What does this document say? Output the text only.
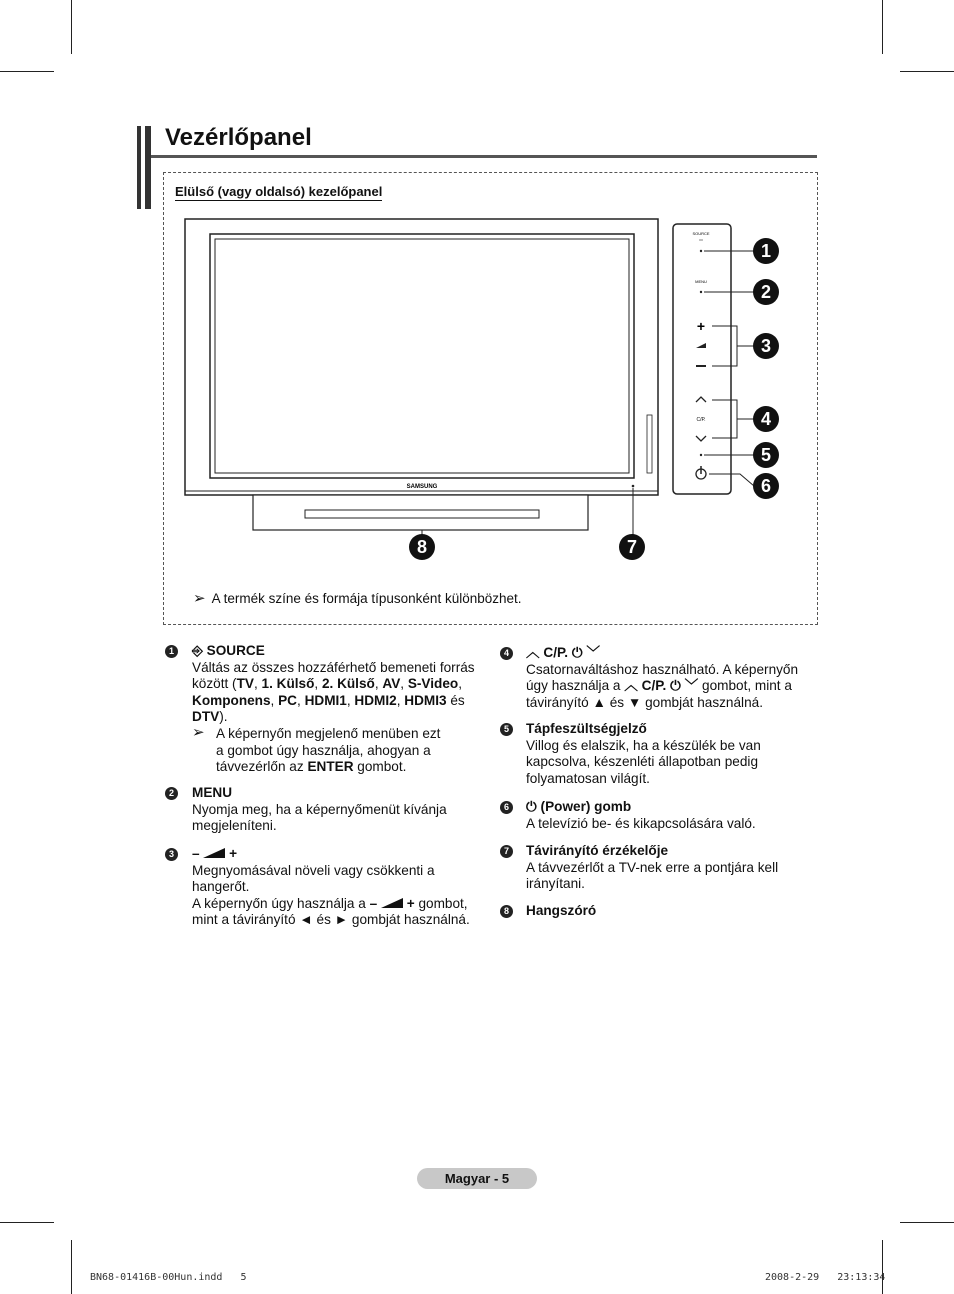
Vezérlőpanel
Elülső (vagy oldalsó) kezelőpanel
SAMSUNG
SOURCE
▭
MENU
+
C/P.
1
2
3
4
5
6
7
8
➢ A termék színe és formája típusonként különbözhet.
1 ⎆ SOURCE
Váltás az összes hozzáférhető bemeneti forrás
között (TV, 1. Külső, 2. Külső, AV, S-Video,
Komponens, PC, HDMI1, HDMI2, HDMI3 és
DTV).
➢ A képernyőn megjelenő menüben ezt
a gombot úgy használja, ahogyan a
távvezérlőn az ENTER gombot.
2 MENU
Nyomja meg, ha a képernyőmenüt kívánja
megjeleníteni.
3 – +
Megnyomásával növeli vagy csökkenti a
hangerőt.
A képernyőn úgy használja a – + gombot,
mint a távirányító ◄ és ► gombját használná.
4 ︿ C/P. ⏻ ﹀
Csatornaváltáshoz használható. A képernyőn
úgy használja a ︿ C/P. ⏻ ﹀ gombot, mint a
távirányító ▲ és ▼ gombját használná.
5 Tápfeszültségjelző
Villog és elalszik, ha a készülék be van
kapcsolva, készenléti állapotban pedig
folyamatosan világít.
6 ⏻ (Power) gomb
A televízió be- és kikapcsolására való.
7 Távirányító érzékelője
A távvezérlőt a TV-nek erre a pontjára kell
irányítani.
8 Hangszóró
Magyar - 5
BN68-01416B-00Hun.indd 5	2008-2-29 23:13:34
